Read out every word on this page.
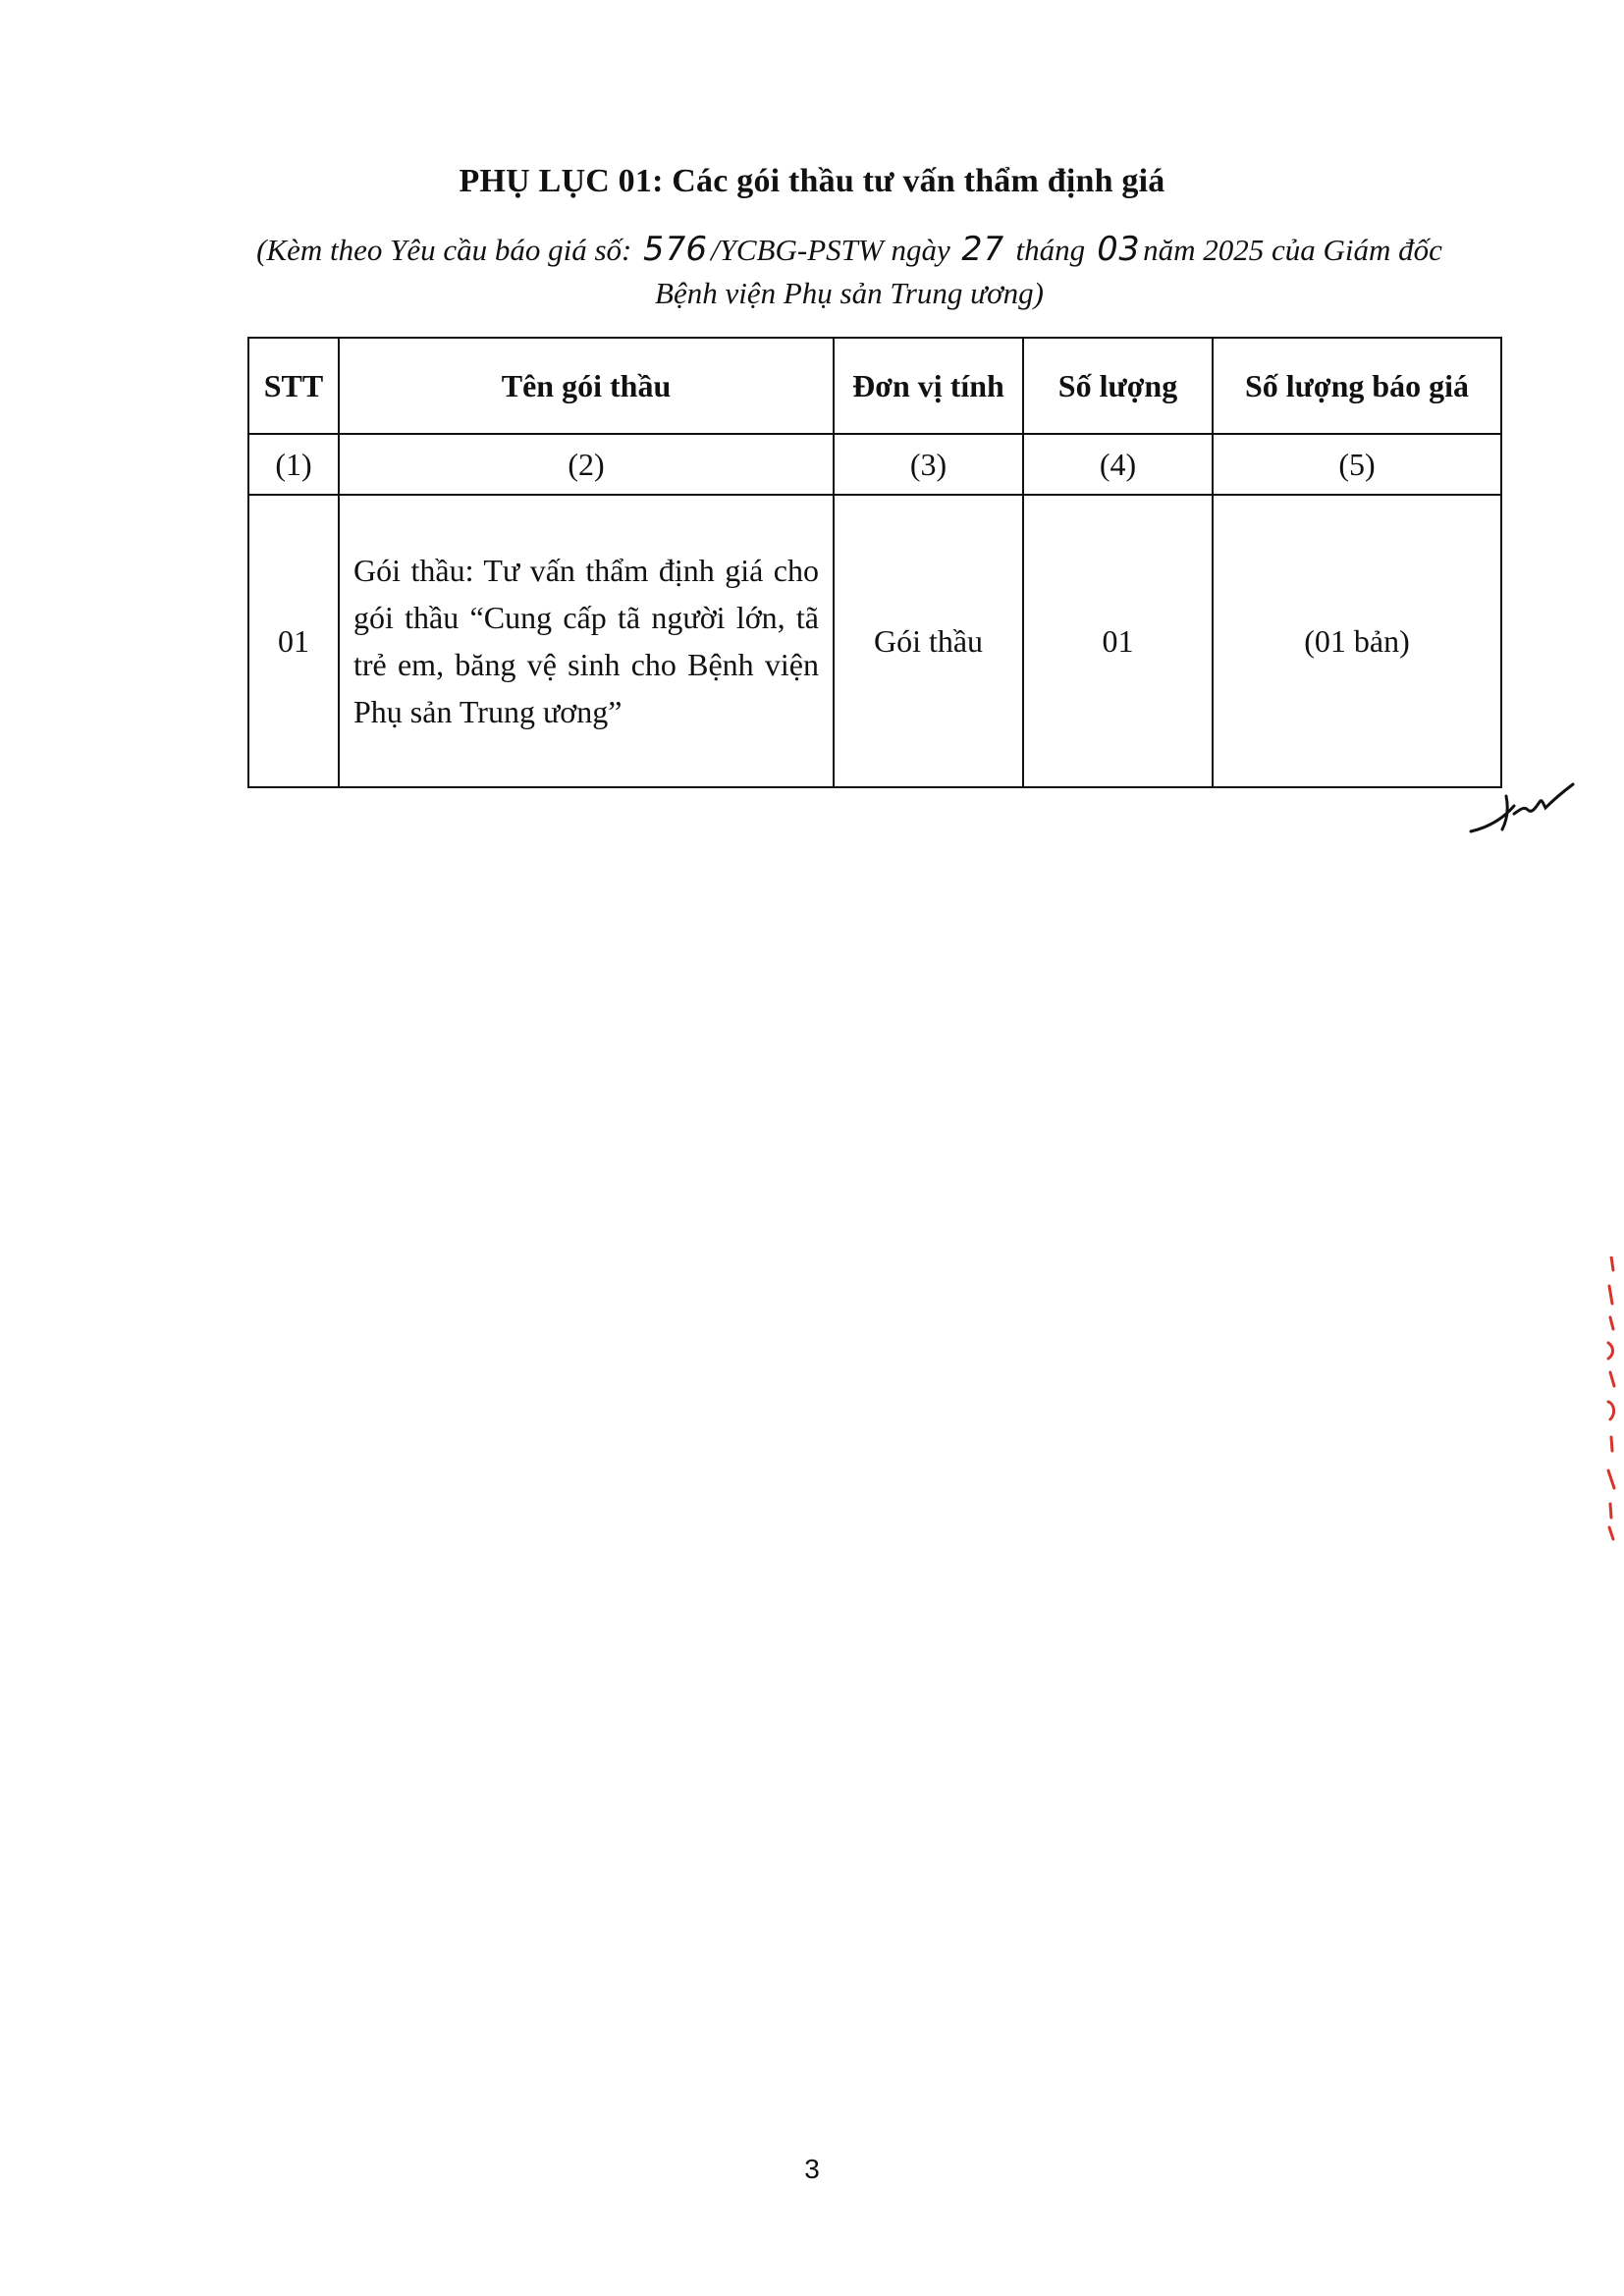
PHỤ LỤC 01: Các gói thầu tư vấn thẩm định giá
(Kèm theo Yêu cầu báo giá số: 576/YCBG-PSTW ngày 27 tháng 03năm 2025 của Giám đốc Bệnh viện Phụ sản Trung ương)
STT	Tên gói thầu	Đơn vị tính	Số lượng	Số lượng báo giá
(1)	(2)	(3)	(4)	(5)
01	Gói thầu: Tư vấn thẩm định giá cho gói thầu “Cung cấp tã người lớn, tã trẻ em, băng vệ sinh cho Bệnh viện Phụ sản Trung ương”	Gói thầu	01	(01 bản)
3
